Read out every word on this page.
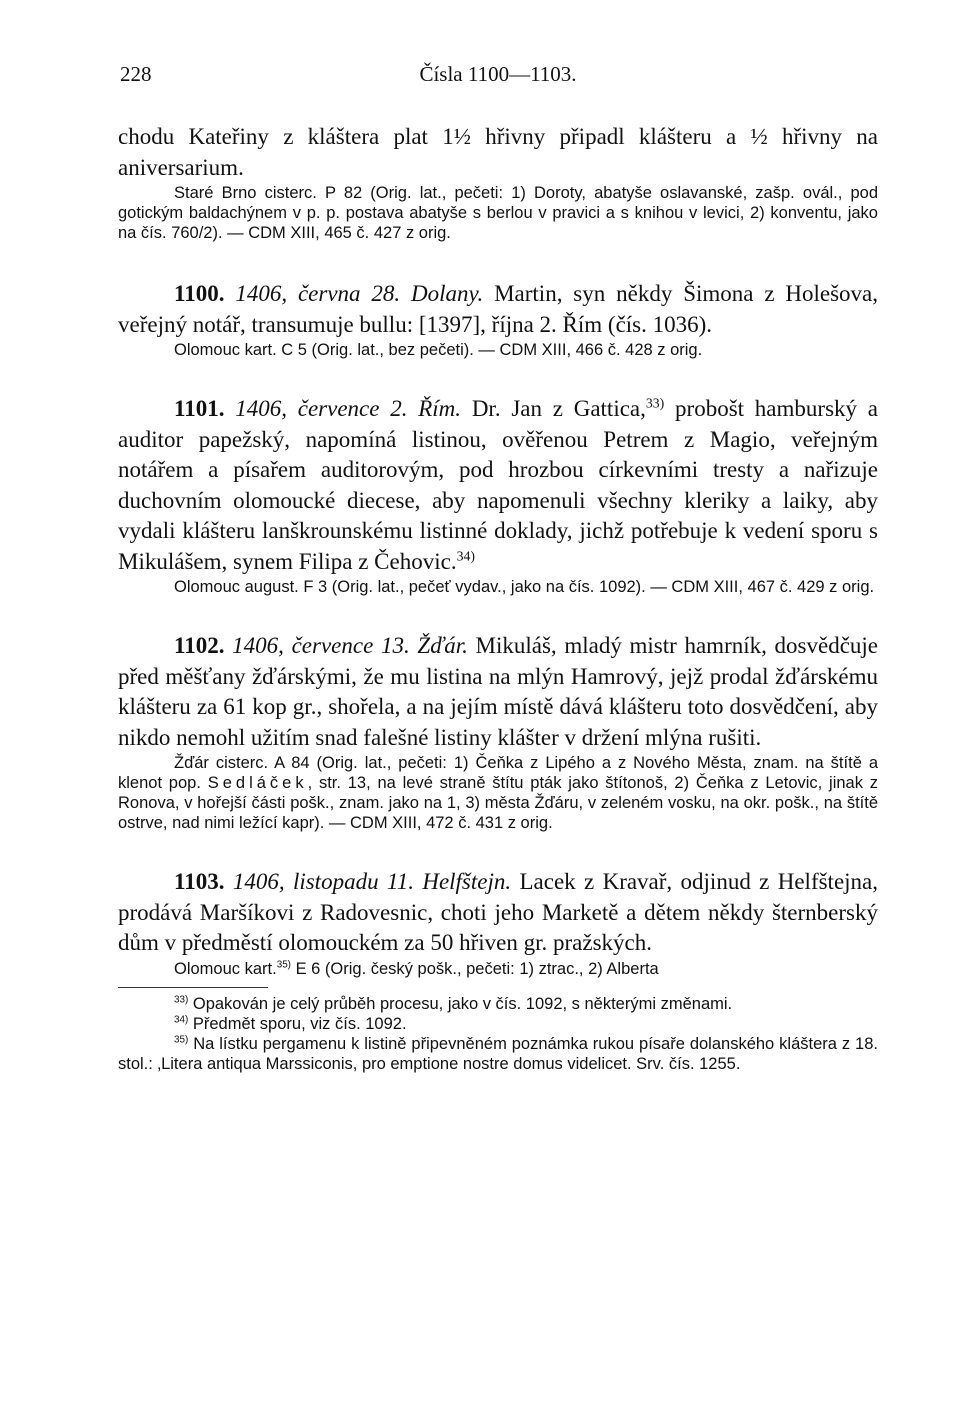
228	Čísla 1100—1103.

chodu Kateřiny z kláštera plat 1½ hřivny připadl klášteru a ½ hřivny na aniversarium.

Staré Brno cisterc. P 82 (Orig. lat., pečeti: 1) Doroty, abatyše oslavanské, zašp. ovál., pod gotickým baldachýnem v p. p. postava abatyše s berlou v pravici a s knihou v levici, 2) konventu, jako na čís. 760/2). — CDM XIII, 465 č. 427 z orig.

1100. 1406, června 28. Dolany. Martin, syn někdy Šimona z Holešova, veřejný notář, transumuje bullu: [1397], října 2. Řím (čís. 1036).

Olomouc kart. C 5 (Orig. lat., bez pečeti). — CDM XIII, 466 č. 428 z orig.

1101. 1406, července 2. Řím. Dr. Jan z Gattica,$^{33)}$ probošt hamburský a auditor papežský, napomíná listinou, ověřenou Petrem z Magio, veřejným notářem a písařem auditorovým, pod hrozbou církevními tresty a nařizuje duchovním olomoucké diecese, aby napomenuli všechny kleriky a laiky, aby vydali klášteru lanškrounskému listinné doklady, jichž potřebuje k vedení sporu s Mikulášem, synem Filipa z Čehovic.$^{34)}$

Olomouc august. F 3 (Orig. lat., pečeť vydav., jako na čís. 1092). — CDM XIII, 467 č. 429 z orig.

1102. 1406, července 13. Žďár. Mikuláš, mladý mistr hamrník, dosvědčuje před měšťany žďárskými, že mu listina na mlýn Hamrový, jejž prodal žďárskému klášteru za 61 kop gr., shořela, a na jejím místě dává klášteru toto dosvědčení, aby nikdo nemohl užitím snad falešné listiny klášter v držení mlýna rušiti.

Žďár cisterc. A 84 (Orig. lat., pečeti: 1) Čeňka z Lipého a z Nového Města, znam. na štítě a klenot pop. Sedláček, str. 13, na levé straně štítu pták jako štítonoš, 2) Čeňka z Letovic, jinak z Ronova, v hořejší části pošk., znam. jako na 1, 3) města Žďáru, v zeleném vosku, na okr. pošk., na štítě ostrve, nad nimi ležící kapr). — CDM XIII, 472 č. 431 z orig.

1103. 1406, listopadu 11. Helfštejn. Lacek z Kravař, odjinud z Helfštejna, prodává Maršíkovi z Radovesnic, choti jeho Marketě a dětem někdy šternberský dům v předměstí olomouckém za 50 hřiven gr. pražských.

Olomouc kart.$^{35)}$ E 6 (Orig. český pošk., pečeti: 1) ztrac., 2) Alberta

$^{33)}$ Opakován je celý průběh procesu, jako v čís. 1092, s některými změnami.

$^{34)}$ Předmět sporu, viz čís. 1092.

$^{35)}$ Na lístku pergamenu k listině připevněném poznámka rukou písaře dolanského kláštera z 18. stol.: ‚Litera antiqua Marssiconis, pro emptione nostre domus videlicet. Srv. čís. 1255.
